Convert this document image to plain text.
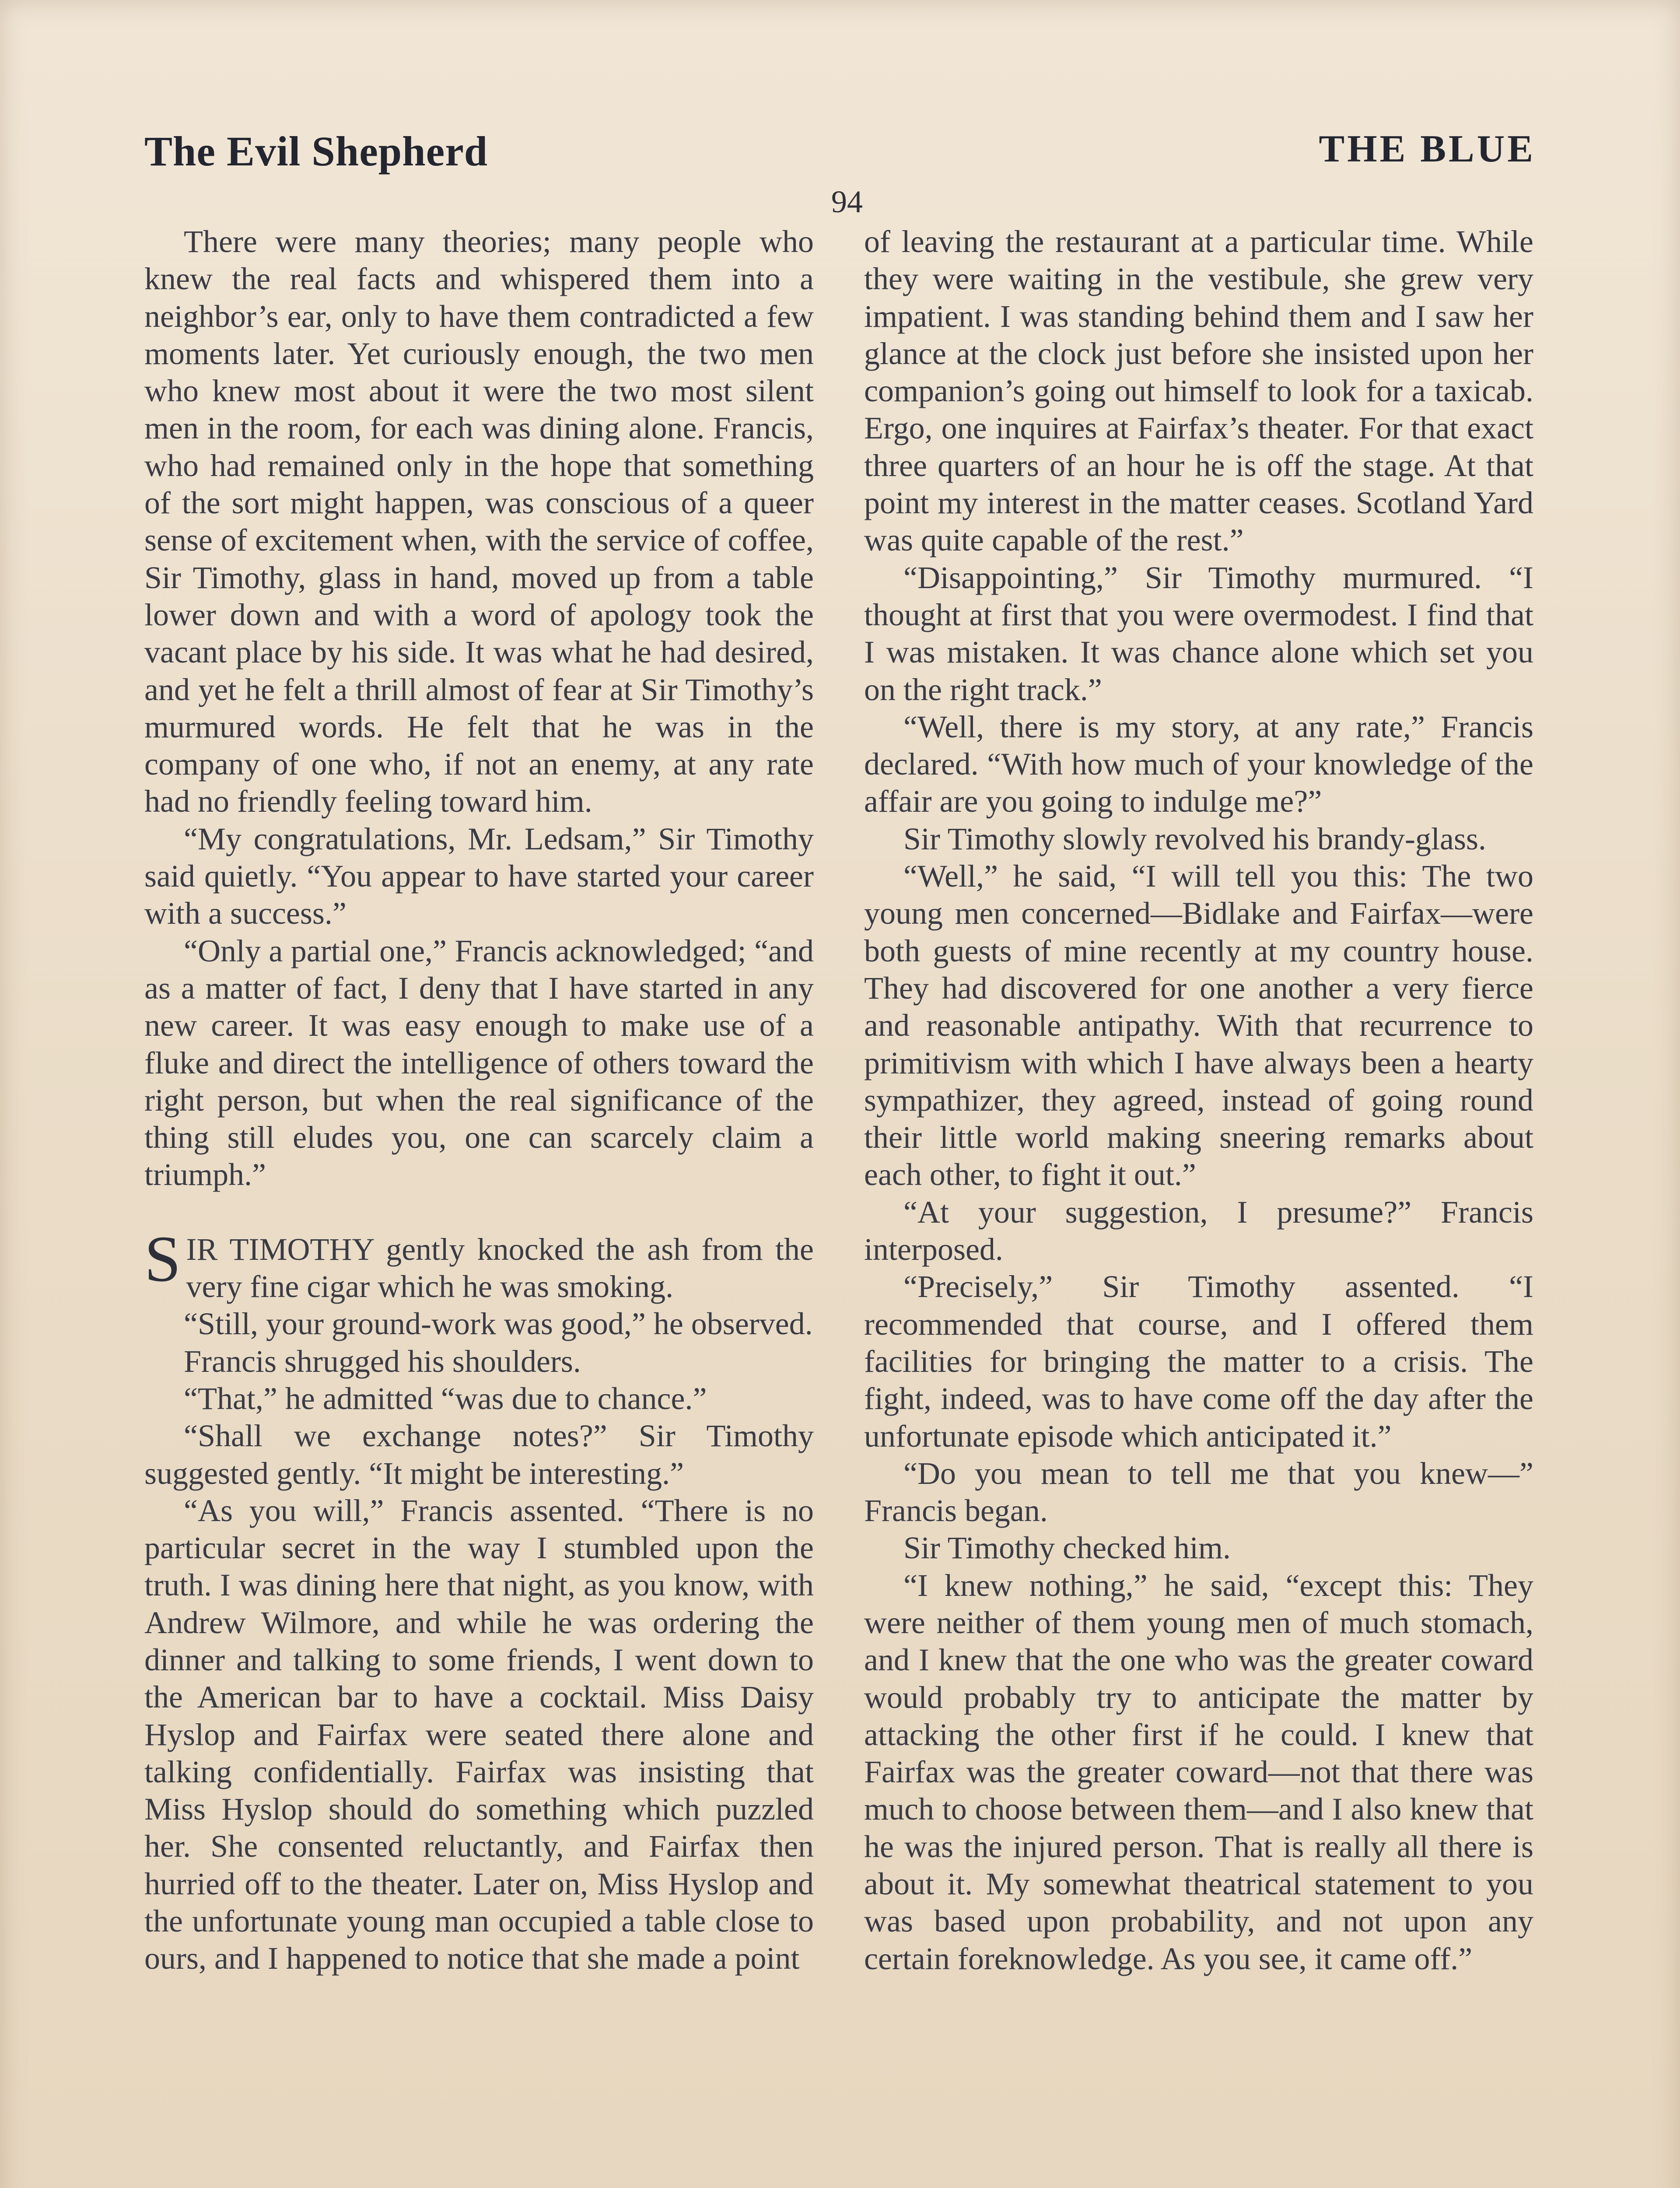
The Evil Shepherd	THE BLUE
94

There were many theories; many people who knew the real facts and whispered them into a neighbor’s ear, only to have them contradicted a few moments later. Yet curiously enough, the two men who knew most about it were the two most silent men in the room, for each was dining alone. Francis, who had remained only in the hope that something of the sort might happen, was conscious of a queer sense of excitement when, with the service of coffee, Sir Timothy, glass in hand, moved up from a table lower down and with a word of apology took the vacant place by his side. It was what he had desired, and yet he felt a thrill almost of fear at Sir Timothy’s murmured words. He felt that he was in the company of one who, if not an enemy, at any rate had no friendly feeling toward him.

“My congratulations, Mr. Ledsam,” Sir Timothy said quietly. “You appear to have started your career with a success.”

“Only a partial one,” Francis acknowledged; “and as a matter of fact, I deny that I have started in any new career. It was easy enough to make use of a fluke and direct the intelligence of others toward the right person, but when the real significance of the thing still eludes you, one can scarcely claim a triumph.”

SIR TIMOTHY gently knocked the ash from the very fine cigar which he was smoking.

“Still, your ground-work was good,” he observed.

Francis shrugged his shoulders.

“That,” he admitted “was due to chance.”

“Shall we exchange notes?” Sir Timothy suggested gently. “It might be interesting.”

“As you will,” Francis assented. “There is no particular secret in the way I stumbled upon the truth. I was dining here that night, as you know, with Andrew Wilmore, and while he was ordering the dinner and talking to some friends, I went down to the American bar to have a cocktail. Miss Daisy Hyslop and Fairfax were seated there alone and talking confidentially. Fairfax was insisting that Miss Hyslop should do something which puzzled her. She consented reluctantly, and Fairfax then hurried off to the theater. Later on, Miss Hyslop and the unfortunate young man occupied a table close to ours, and I happened to notice that she made a point

of leaving the restaurant at a particular time. While they were waiting in the vestibule, she grew very impatient. I was standing behind them and I saw her glance at the clock just before she insisted upon her companion’s going out himself to look for a taxicab. Ergo, one inquires at Fairfax’s theater. For that exact three quarters of an hour he is off the stage. At that point my interest in the matter ceases. Scotland Yard was quite capable of the rest.”

“Disappointing,” Sir Timothy murmured. “I thought at first that you were overmodest. I find that I was mistaken. It was chance alone which set you on the right track.”

“Well, there is my story, at any rate,” Francis declared. “With how much of your knowledge of the affair are you going to indulge me?”

Sir Timothy slowly revolved his brandy-glass.

“Well,” he said, “I will tell you this: The two young men concerned—Bidlake and Fairfax—were both guests of mine recently at my country house. They had discovered for one another a very fierce and reasonable antipathy. With that recurrence to primitivism with which I have always been a hearty sympathizer, they agreed, instead of going round their little world making sneering remarks about each other, to fight it out.”

“At your suggestion, I presume?” Francis interposed.

“Precisely,” Sir Timothy assented. “I recommended that course, and I offered them facilities for bringing the matter to a crisis. The fight, indeed, was to have come off the day after the unfortunate episode which anticipated it.”

“Do you mean to tell me that you knew—” Francis began.

Sir Timothy checked him.

“I knew nothing,” he said, “except this: They were neither of them young men of much stomach, and I knew that the one who was the greater coward would probably try to anticipate the matter by attacking the other first if he could. I knew that Fairfax was the greater coward—not that there was much to choose between them—and I also knew that he was the injured person. That is really all there is about it. My somewhat theatrical statement to you was based upon probability, and not upon any certain foreknowledge. As you see, it came off.”
